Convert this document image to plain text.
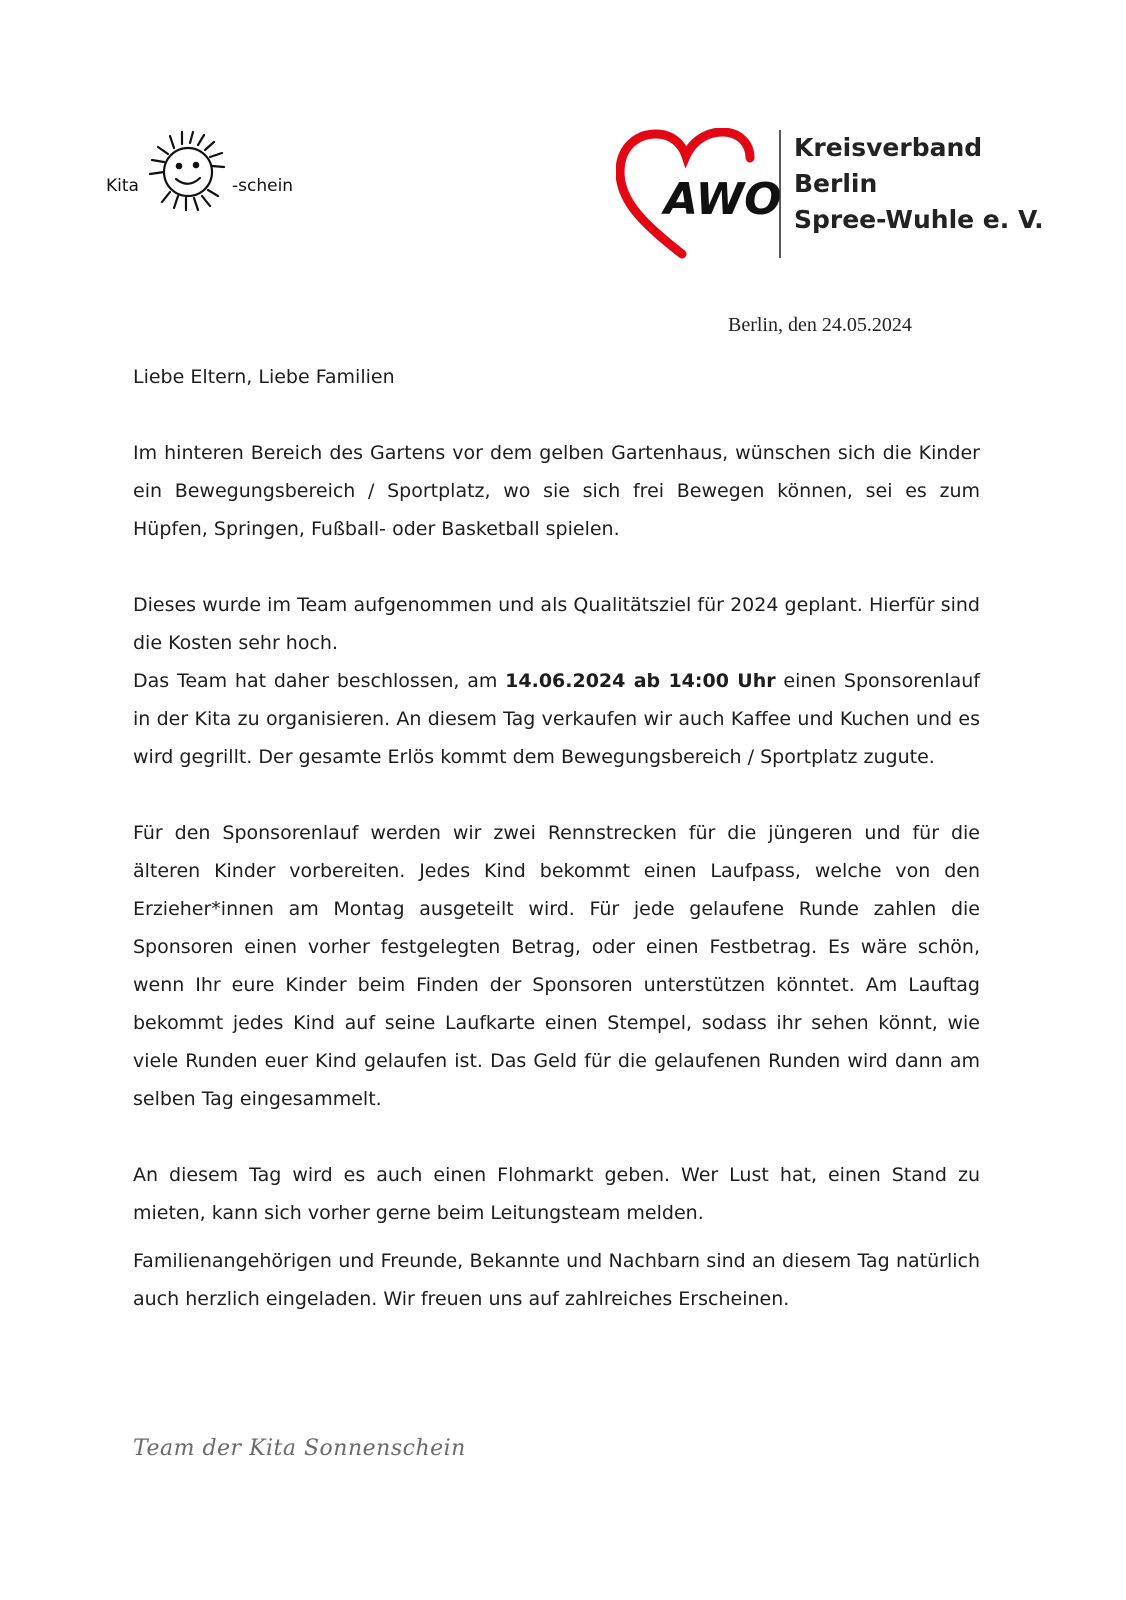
Kita	-schein	AWO
Kreisverband
Berlin
Spree-Wuhle e. V.
Berlin, den 24.05.2024

Liebe Eltern, Liebe Familien

Im hinteren Bereich des Gartens vor dem gelben Gartenhaus, wünschen sich die Kinder ein Bewegungsbereich / Sportplatz, wo sie sich frei Bewegen können, sei es zum Hüpfen, Springen, Fußball- oder Basketball spielen.

Dieses wurde im Team aufgenommen und als Qualitätsziel für 2024 geplant. Hierfür sind die Kosten sehr hoch.

Das Team hat daher beschlossen, am 14.06.2024 ab 14:00 Uhr einen Sponsorenlauf in der Kita zu organisieren. An diesem Tag verkaufen wir auch Kaffee und Kuchen und es wird gegrillt. Der gesamte Erlös kommt dem Bewegungsbereich / Sportplatz zugute.

Für den Sponsorenlauf werden wir zwei Rennstrecken für die jüngeren und für die älteren Kinder vorbereiten. Jedes Kind bekommt einen Laufpass, welche von den Erzieher*innen am Montag ausgeteilt wird. Für jede gelaufene Runde zahlen die Sponsoren einen vorher festgelegten Betrag, oder einen Festbetrag. Es wäre schön, wenn Ihr eure Kinder beim Finden der Sponsoren unterstützen könntet. Am Lauftag bekommt jedes Kind auf seine Laufkarte einen Stempel, sodass ihr sehen könnt, wie viele Runden euer Kind gelaufen ist. Das Geld für die gelaufenen Runden wird dann am selben Tag eingesammelt.

An diesem Tag wird es auch einen Flohmarkt geben. Wer Lust hat, einen Stand zu mieten, kann sich vorher gerne beim Leitungsteam melden.

Familienangehörigen und Freunde, Bekannte und Nachbarn sind an diesem Tag natürlich auch herzlich eingeladen. Wir freuen uns auf zahlreiches Erscheinen.

Team der Kita Sonnenschein
